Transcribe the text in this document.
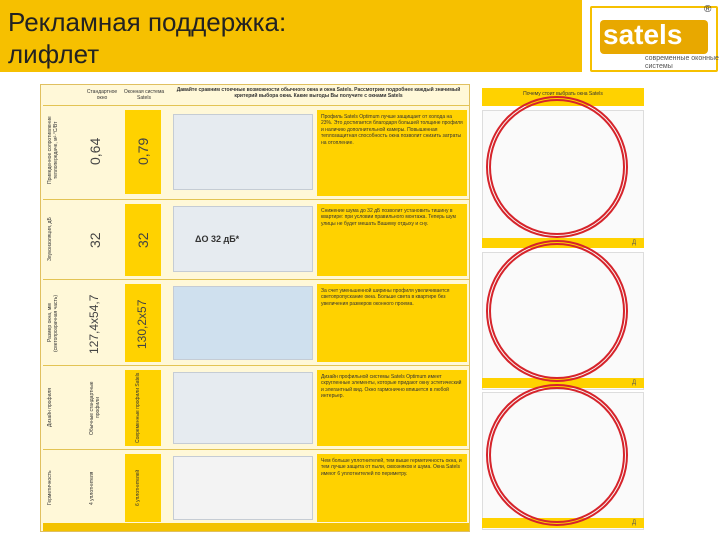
Рекламная поддержка:
лифлет
satels
®
современные оконные системы
Стандартное окно
Оконная сиcтема Satels
Давайте сравним стоечные возможности обычного окна и окна Satels. Рассмотрим подробнее каждый значимый критерий выбора окна. Какие выгоды Вы получите с окнами Satels
Приведенное сопротивление теплопередаче, м²·°С/Вт	0,64 0,79
Профиль Satels Optimum лучше защищает от холода на 23%. Это достигается благодаря большей толщине профиля и наличию дополнительной камеры. Повышенная теплозащитная способность окна позволит снизить затраты на отопление.
Звукоизоляция, дБ	32 32	ΔO 32 дБ*
Снижение шума до 32 дБ позволит установить тишину в квартире: при условии правильного монтажа. Теперь шум улицы не будет мешать Вашему отдыху и сну.
Размер окна, мм (светопрозрачная часть)	127,4х54,7	130,2х57
За счет уменьшенной ширины профиля увеличивается светопропускание окна. Больше света в квартире без увеличения размеров оконного проема.
Дизайн профиля	Обычные стандартные профили	Современные профили Satels	Дизайн профильной системы Satels Optimum имеет скругленные элементы, которые придают окну эстетический и элегантный вид. Окно гармонично впишется в любой интерьер.
Герметичность	4 уплотнителя	6 уплотнителей
Чем больше уплотнителей, тем выше герметичность окна, и тем лучше защита от пыли, сквозняков и шума. Окна Satels имеют 6 уплотнителей по периметру.
Почему стоит выбрать окна Satels
Д
Д
Д
